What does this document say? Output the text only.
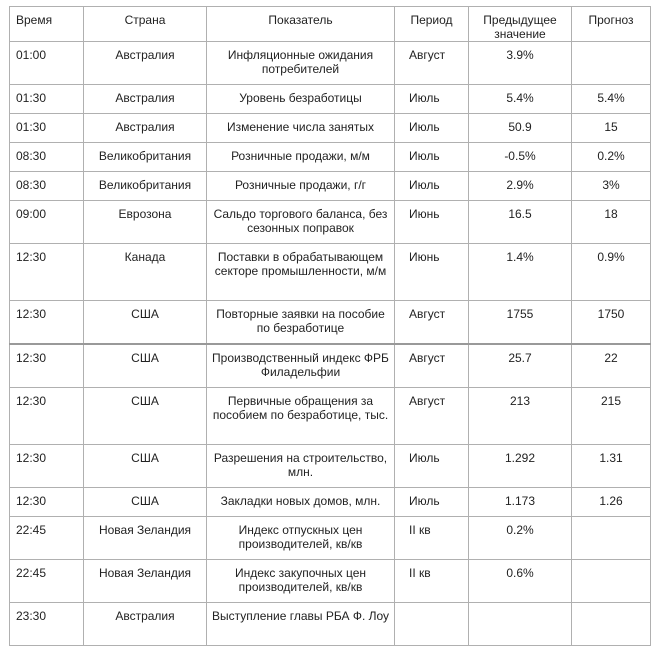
Время	Страна	Показатель	Период	Предыдущее значение	Прогноз
01:00	Австралия	Инфляционные ожидания потребителей	Август	3.9%	
01:30	Австралия	Уровень безработицы	Июль	5.4%	5.4%
01:30	Австралия	Изменение числа занятых	Июль	50.9	15
08:30	Великобритания	Розничные продажи, м/м	Июль	-0.5%	0.2%
08:30	Великобритания	Розничные продажи, г/г	Июль	2.9%	3%
09:00	Еврозона	Сальдо торгового баланса, без сезонных поправок	Июнь	16.5	18
12:30	Канада	Поставки в обрабатывающем секторе промышленности, м/м	Июнь	1.4%	0.9%
12:30	США	Повторные заявки на пособие по безработице	Август	1755	1750
12:30	США	Производственный индекс ФРБ Филадельфии	Август	25.7	22
12:30	США	Первичные обращения за пособием по безработице, тыс.	Август	213	215
12:30	США	Разрешения на строительство, млн.	Июль	1.292	1.31
12:30	США	Закладки новых домов, млн.	Июль	1.173	1.26
22:45	Новая Зеландия	Индекс отпускных цен производителей, кв/кв	II кв	0.2%	
22:45	Новая Зеландия	Индекс закупочных цен производителей, кв/кв	II кв	0.6%	
23:30	Австралия	Выступление главы РБА Ф. Лоу			
